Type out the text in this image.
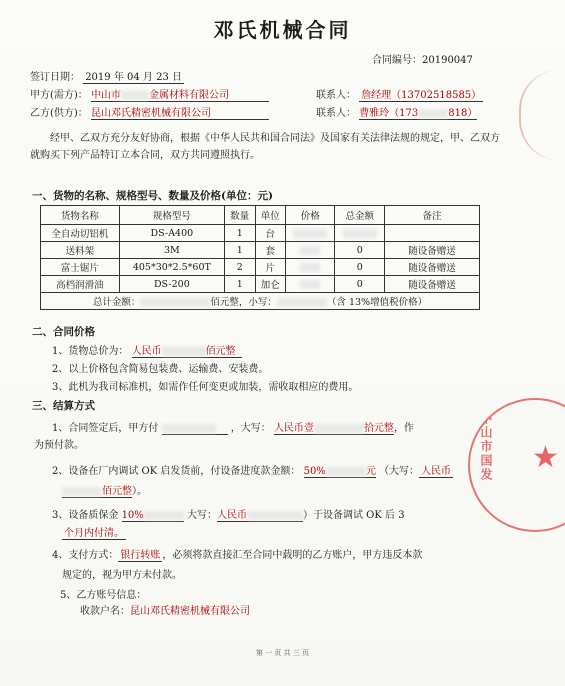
邓氏机械合同
合同编号：20190047
签订日期： 2019 年 04 月 23 日
甲方(需方)： 中山市	金属材料有限公司	联系人： 詹经理（13702518585）
乙方(供方)： 昆山邓氏精密机械有限公司	联系人： 曹雅玲（173	818）
经甲、乙双方充分友好协商，根据《中华人民共和国合同法》及国家有关法律法规的规定，甲、乙双方就购买下列产品特订立本合同，双方共同遵照执行。
一、货物的名称、规格型号、数量及价格(单位：元)
货物名称	规格型号	数量	单位	价格	总金额	备注
全自动切铝机	DS-A400	1	台			
送料架	3M	1	套		0	随设备赠送
富士锯片	405*30*2.5*60T	2	片		0	随设备赠送
高档润滑油	DS-200	1	加仑		0	随设备赠送
总计金额： 佰元整，小写： （含 13%增值税价格）						
二、合同价格
1、货物总价为： 人民币	佰元整
2、以上价格包含简易包装费、运输费、安装费。
3、此机为我司标准机，如需作任何变更或加装，需收取相应的费用。
三、结算方式
1、合同签定后，甲方付	，大写： 人民币壹	拾元整，作
为预付款。
2、设备在厂内调试 OK 启发货前，付设备进度款金额： 50%	元 （大写： 人民币
佰元整）。
3、设备质保金 10%	大写：人民币	）于设备调试 OK 后 3
个月内付清。
4、支付方式： 银行转账 ，必须将款直接汇至合同中载明的乙方账户，甲方违反本款
规定的，视为甲方未付款。
5、乙方账号信息：
收款户名：昆山邓氏精密机械有限公司
中山市国发 ★
第 一 页 共 三 页
